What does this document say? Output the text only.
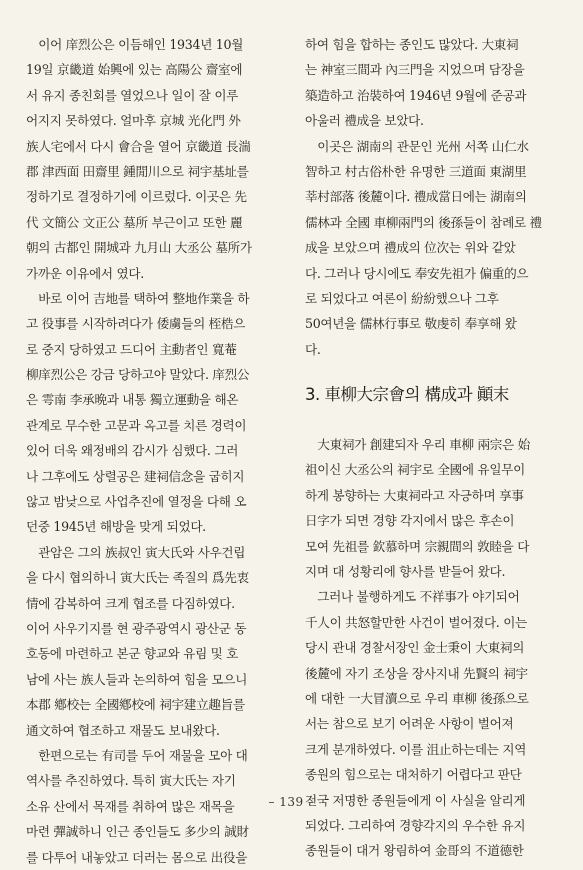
　이어 庠烈公은 이듬해인 1934년 10월
19일 京畿道 始興에 있는 高陽公 齋室에
서 유지 종친회를 열었으나 일이 잘 이루
어지지 못하였다. 얼마후 京城 光化門 外
族人宅에서 다시 會合을 열어 京畿道 長湍
郡 津西面 田齋里 鍾閒川으로 祠宇基址를
정하기로 결정하기에 이르렀다. 이곳은 先
代 文簡公 文正公 墓所 부근이고 또한 麗
朝의 古都인 開城과 九月山 大丞公 墓所가
가까운 이유에서 였다.
　바로 이어 吉地를 택하여 整地作業을 하
고 役事를 시작하려다가 倭虜들의 桎梏으
로 중지 당하였고 드디어 主動者인 寬菴
柳庠烈公은 강금 당하고야 말았다. 庠烈公
은 雩南 李承晩과 내통 獨立運動을 해온
관계로 무수한 고문과 옥고를 치른 경력이
있어 더욱 왜정배의 감시가 심했다. 그러
나 그후에도 상렬공은 建祠信念을 굽히지
않고 밤낮으로 사업추진에 열정을 다해 오
던중 1945년 해방을 맞게 되었다.
　관암은 그의 族叔인 寅大氏와 사우건립
을 다시 협의하니 寅大氏는 족질의 爲先衷
情에 감복하여 크게 협조를 다짐하였다.
이어 사우기지를 현 광주광역시 광산군 동
호동에 마련하고 본군 향교와 유림 및 호
남에 사는 族人들과 논의하여 힘을 모으니
本郡 鄕校는 全國鄕校에 祠宇建立趣旨를
通文하여 협조하고 재물도 보내왔다.
　한편으로는 有司를 두어 재물을 모아 대
역사를 추진하였다. 특히 寅大氏는 자기
소유 산에서 목재를 취하여 많은 재목을
마련 彈誠하니 인근 종인들도 多少의 誠財
를 다투어 내놓았고 더러는 몸으로 出役을
하여 힘을 합하는 종인도 많았다. 大東祠
는 神室三間과 內三門을 지었으며 담장을
築造하고 治裝하여 1946년 9월에 준공과
아울러 禮成을 보았다.
　이곳은 湖南의 관문인 光州 서쪽 山仁水
智하고 村古俗朴한 유명한 三道面 東湖里
莘村部落 後麓이다. 禮成當日에는 湖南의
儒林과 全國 車柳兩門의 後孫들이 참례로 禮
成을 보았으며 禮成의 位次는 위와 같았
다. 그러나 당시에도 奉安先祖가 偏重的으
로 되었다고 여론이 紛紛했으나 그후
50여년을 儒林行事로 敬虔히 奉享해 왔
다.
3. 車柳大宗會의 構成과 顚末
　大東祠가 創建되자 우리 車柳 兩宗은 始
祖이신 大丞公의 祠宇로 全國에 유일무이
하게 봉향하는 大東祠라고 자긍하며 享事
日字가 되면 경향 각지에서 많은 후손이
모여 先祖를 欽慕하며 宗親間의 敦睦을 다
지며 대 성황리에 향사를 받들어 왔다.
　그러나 불행하게도 不祥事가 야기되어
千人이 共怒할만한 사건이 벌어졌다. 이는
당시 관내 경찰서장인 金士秉이 大東祠의
後麓에 자기 조상을 장사지내 先賢의 祠宇
에 대한 一大冒瀆으로 우리 車柳 後孫으로
서는 참으로 보기 어려운 사항이 벌어져
크게 분개하였다. 이를 沮止하는데는 지역
종원의 힘으로는 대처하기 어렵다고 판단
전국 저명한 종원들에게 이 사실을 알리게
되었다. 그리하여 경향각지의 우수한 유지
종원들이 대거 왕림하여 金哥의 不道德한
– 139 –
